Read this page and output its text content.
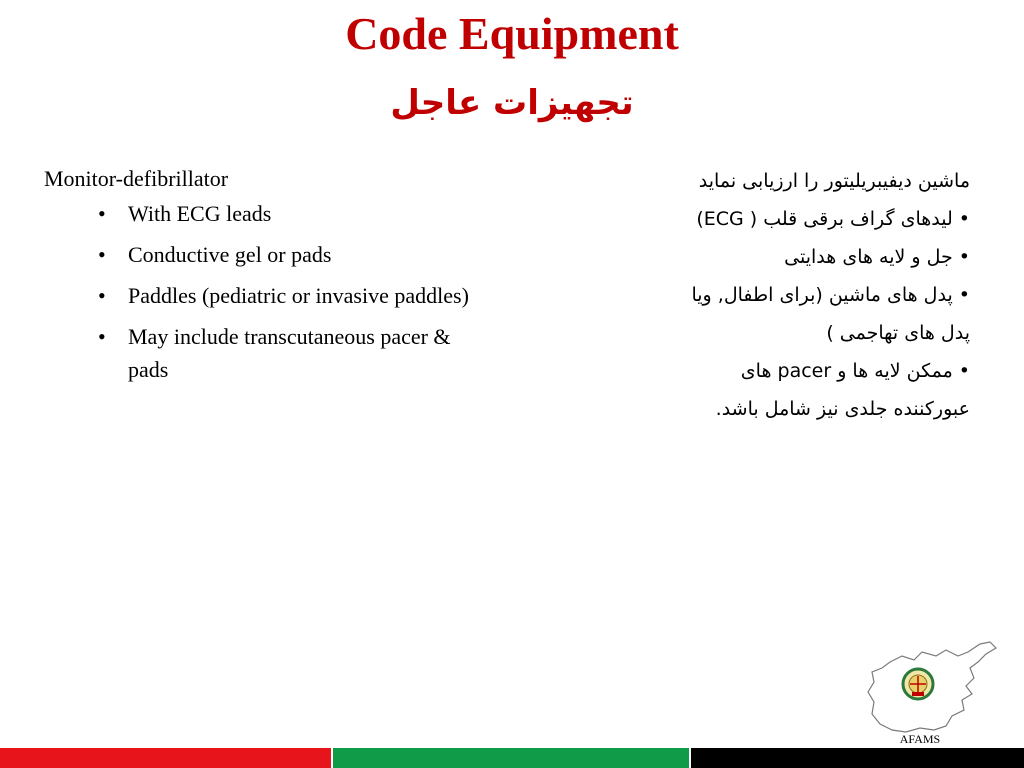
Code Equipment
تجهیزات عاجل
Monitor-defibrillator
• With ECG leads
• Conductive gel or pads
• Paddles (pediatric or invasive paddles)
• May include transcutaneous pacer & pads
ماشین دیفیبریلیتور را ارزیابی نماید
• لیدهای گراف برقی قلب ( ECG)
• جل و لایه های هدایتی
• پدل های ماشین (برای اطفال, ویا
پدل های تهاجمی )
• ممکن لایه ها و pacer های
عبورکننده جلدی نیز شامل باشد.
AFAMS
